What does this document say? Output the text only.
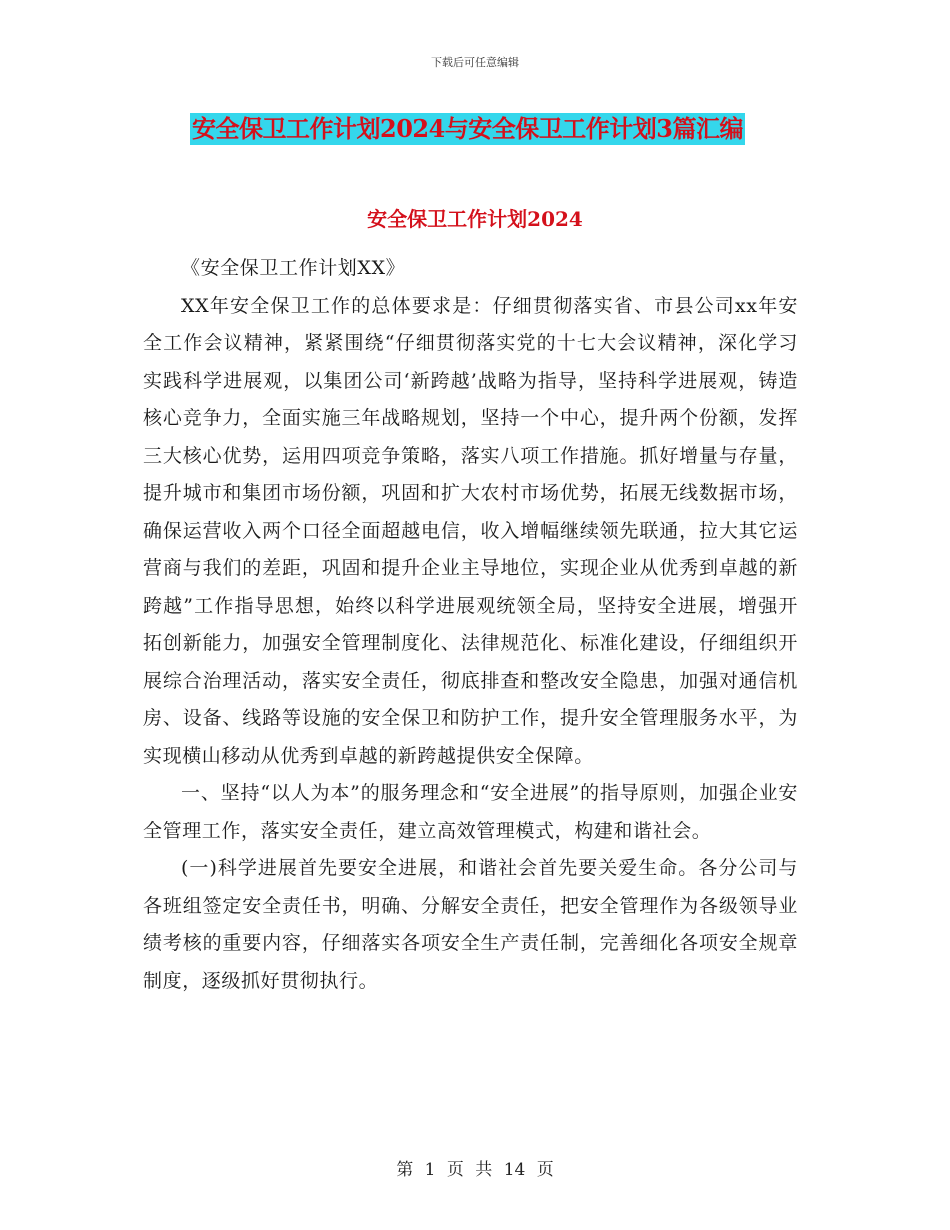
下载后可任意编辑
安全保卫工作计划2024与安全保卫工作计划3篇汇编
安全保卫工作计划2024

《安全保卫工作计划XX》

XX年安全保卫工作的总体要求是：仔细贯彻落实省、市县公司xx年安全工作会议精神，紧紧围绕“仔细贯彻落实党的十七大会议精神，深化学习实践科学进展观，以集团公司‘新跨越’战略为指导，坚持科学进展观，铸造核心竞争力，全面实施三年战略规划，坚持一个中心，提升两个份额，发挥三大核心优势，运用四项竞争策略，落实八项工作措施。抓好增量与存量，提升城市和集团市场份额，巩固和扩大农村市场优势，拓展无线数据市场，确保运营收入两个口径全面超越电信，收入增幅继续领先联通，拉大其它运营商与我们的差距，巩固和提升企业主导地位，实现企业从优秀到卓越的新跨越”工作指导思想，始终以科学进展观统领全局，坚持安全进展，增强开拓创新能力，加强安全管理制度化、法律规范化、标准化建设，仔细组织开展综合治理活动，落实安全责任，彻底排查和整改安全隐患，加强对通信机房、设备、线路等设施的安全保卫和防护工作，提升安全管理服务水平，为实现横山移动从优秀到卓越的新跨越提供安全保障。

一、坚持“以人为本”的服务理念和“安全进展”的指导原则，加强企业安全管理工作，落实安全责任，建立高效管理模式，构建和谐社会。

(一)科学进展首先要安全进展，和谐社会首先要关爱生命。各分公司与各班组签定安全责任书，明确、分解安全责任，把安全管理作为各级领导业绩考核的重要内容，仔细落实各项安全生产责任制，完善细化各项安全规章制度，逐级抓好贯彻执行。

第 1 页 共 14 页
